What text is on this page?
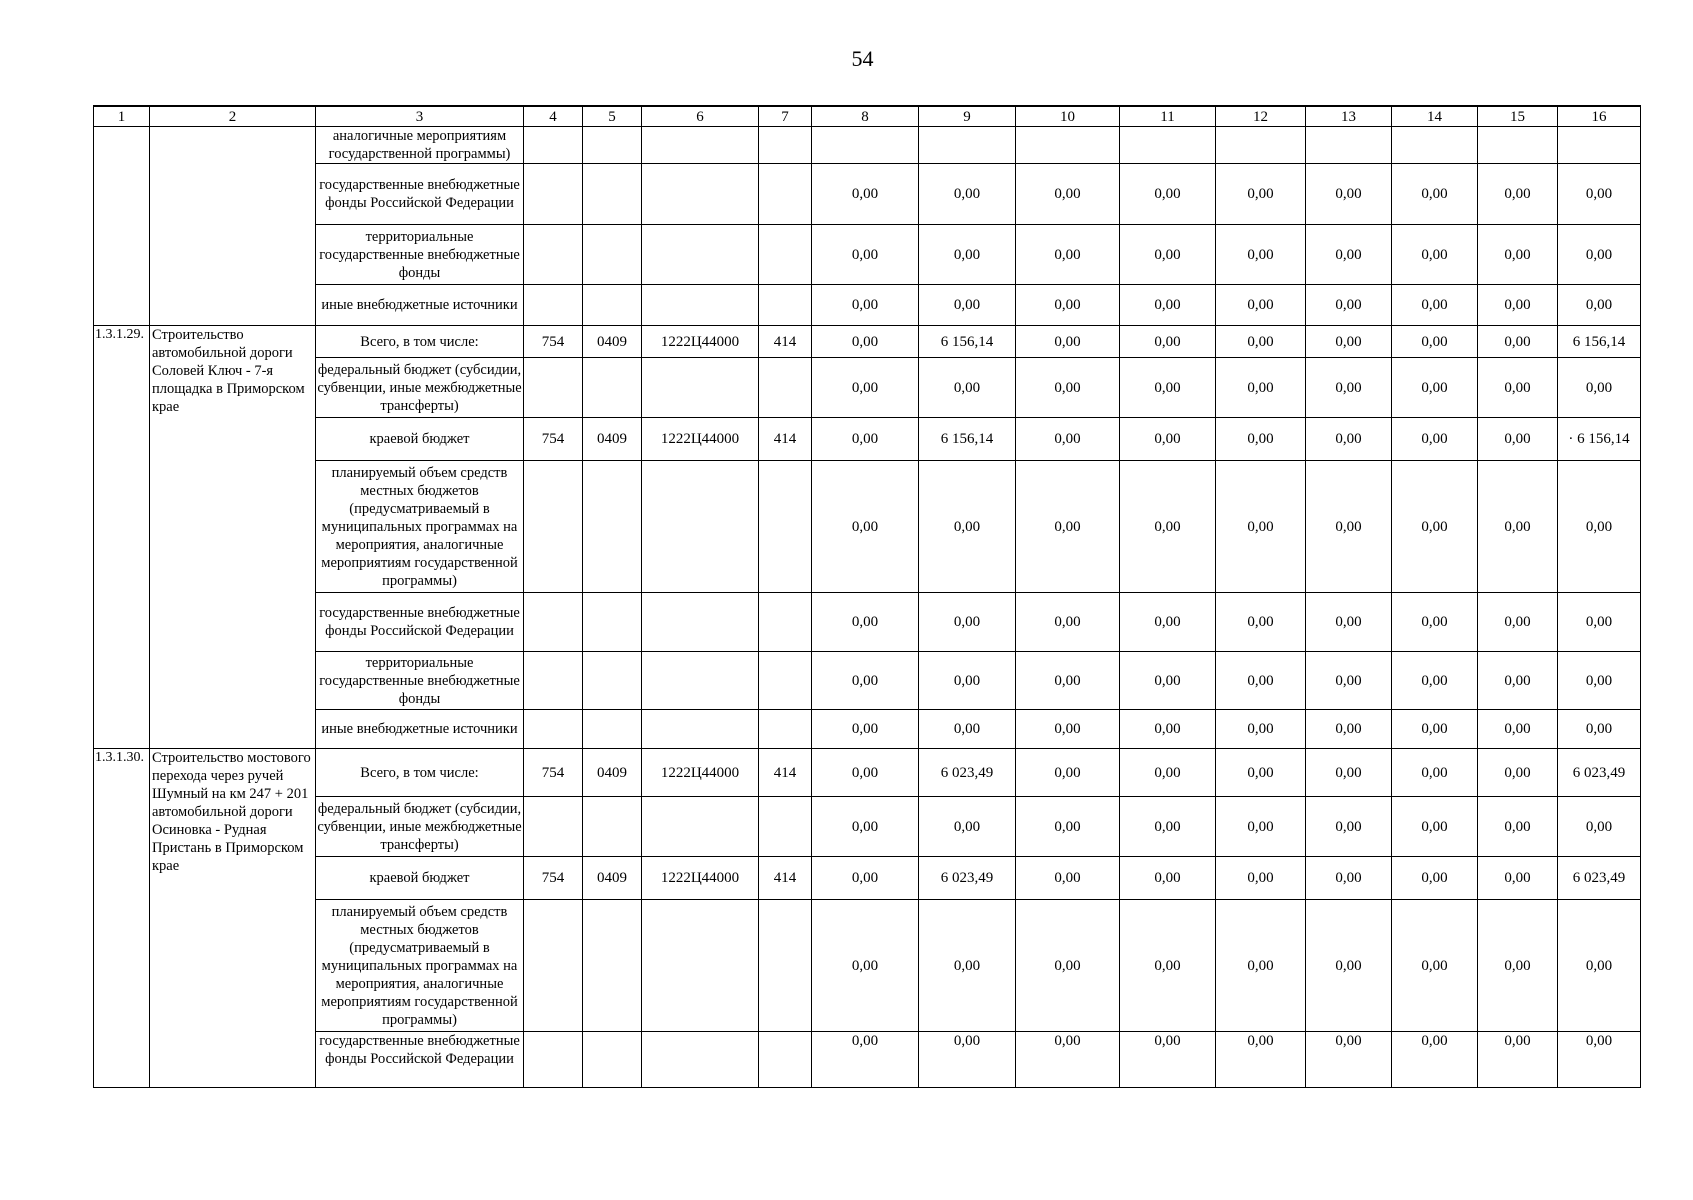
54
1	2	3	4	5	6	7	8	9	10	11	12	13	14	15	16
		аналогичные мероприятиям государственной программы)													
		государственные внебюджетные фонды Российской Федерации					0,00	0,00	0,00	0,00	0,00	0,00	0,00	0,00	0,00
		территориальные государственные внебюджетные фонды					0,00	0,00	0,00	0,00	0,00	0,00	0,00	0,00	0,00
		иные внебюджетные источники					0,00	0,00	0,00	0,00	0,00	0,00	0,00	0,00	0,00
1.3.1.29.	Строительство автомобильной дороги Соловей Ключ - 7-я площадка в Приморском крае	Всего, в том числе:	754	0409	1222Ц44000	414	0,00	6 156,14	0,00	0,00	0,00	0,00	0,00	0,00	6 156,14
		федеральный бюджет (субсидии, субвенции, иные межбюджетные трансферты)					0,00	0,00	0,00	0,00	0,00	0,00	0,00	0,00	0,00
		краевой бюджет	754	0409	1222Ц44000	414	0,00	6 156,14	0,00	0,00	0,00	0,00	0,00	0,00	· 6 156,14
		планируемый объем средств местных бюджетов (предусматриваемый в муниципальных программах на мероприятия, аналогичные мероприятиям государственной программы)					0,00	0,00	0,00	0,00	0,00	0,00	0,00	0,00	0,00
		государственные внебюджетные фонды Российской Федерации					0,00	0,00	0,00	0,00	0,00	0,00	0,00	0,00	0,00
		территориальные государственные внебюджетные фонды					0,00	0,00	0,00	0,00	0,00	0,00	0,00	0,00	0,00
		иные внебюджетные источники					0,00	0,00	0,00	0,00	0,00	0,00	0,00	0,00	0,00
1.3.1.30.	Строительство мостового перехода через ручей Шумный на км 247 + 201 автомобильной дороги Осиновка - Рудная Пристань в Приморском крае	Всего, в том числе:	754	0409	1222Ц44000	414	0,00	6 023,49	0,00	0,00	0,00	0,00	0,00	0,00	6 023,49
		федеральный бюджет (субсидии, субвенции, иные межбюджетные трансферты)					0,00	0,00	0,00	0,00	0,00	0,00	0,00	0,00	0,00
		краевой бюджет	754	0409	1222Ц44000	414	0,00	6 023,49	0,00	0,00	0,00	0,00	0,00	0,00	6 023,49
		планируемый объем средств местных бюджетов (предусматриваемый в муниципальных программах на мероприятия, аналогичные мероприятиям государственной программы)					0,00	0,00	0,00	0,00	0,00	0,00	0,00	0,00	0,00
		государственные внебюджетные фонды Российской Федерации					0,00	0,00	0,00	0,00	0,00	0,00	0,00	0,00	0,00
